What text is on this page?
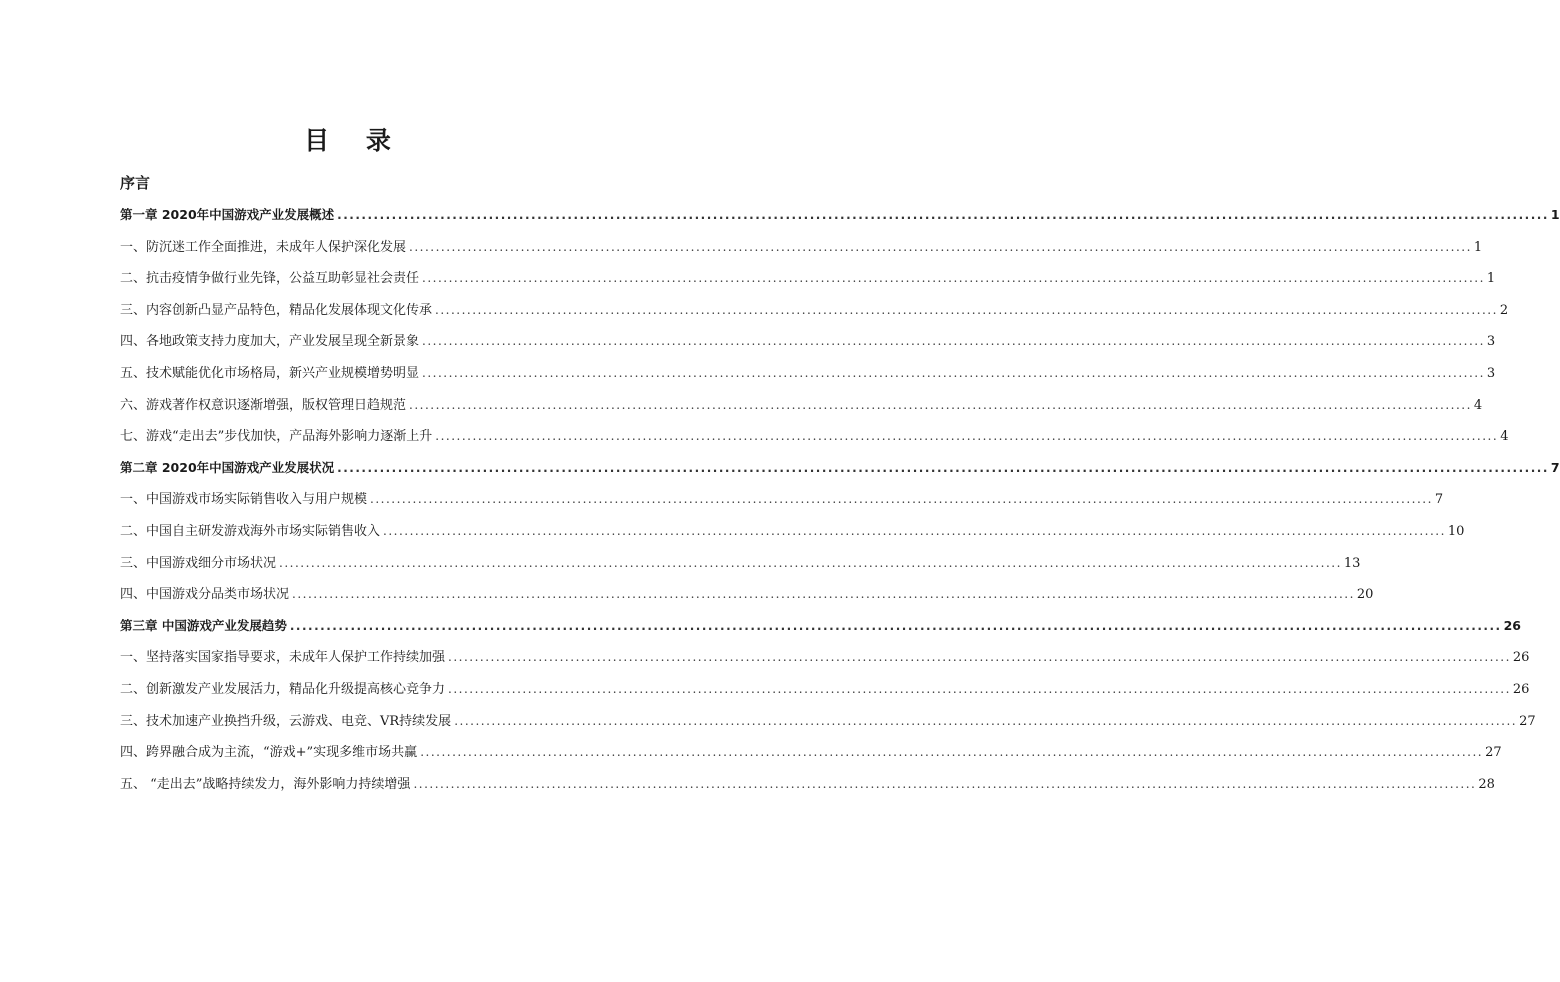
目 录
序言
第一章 2020年中国游戏产业发展概述 ........................................................................................................................................................................................................ 1
一、防沉迷工作全面推进，未成年人保护深化发展 ........................................................................................................................................................................................................ 1
二、抗击疫情争做行业先锋，公益互助彰显社会责任 ........................................................................................................................................................................................................ 1
三、内容创新凸显产品特色，精品化发展体现文化传承 ........................................................................................................................................................................................................ 2
四、各地政策支持力度加大，产业发展呈现全新景象 ........................................................................................................................................................................................................ 3
五、技术赋能优化市场格局，新兴产业规模增势明显 ........................................................................................................................................................................................................ 3
六、游戏著作权意识逐渐增强，版权管理日趋规范 ........................................................................................................................................................................................................ 4
七、游戏“走出去”步伐加快，产品海外影响力逐渐上升 ........................................................................................................................................................................................................ 4
第二章 2020年中国游戏产业发展状况 ........................................................................................................................................................................................................ 7
一、中国游戏市场实际销售收入与用户规模 ........................................................................................................................................................................................................ 7
二、中国自主研发游戏海外市场实际销售收入 ........................................................................................................................................................................................................ 10
三、中国游戏细分市场状况 ........................................................................................................................................................................................................ 13
四、中国游戏分品类市场状况 ........................................................................................................................................................................................................ 20
第三章 中国游戏产业发展趋势 ........................................................................................................................................................................................................ 26
一、坚持落实国家指导要求，未成年人保护工作持续加强 ........................................................................................................................................................................................................ 26
二、创新激发产业发展活力，精品化升级提高核心竞争力 ........................................................................................................................................................................................................ 26
三、技术加速产业换挡升级，云游戏、电竞、VR持续发展 ........................................................................................................................................................................................................ 27
四、跨界融合成为主流，“游戏+”实现多维市场共赢 ........................................................................................................................................................................................................ 27
五、 “走出去”战略持续发力，海外影响力持续增强 ........................................................................................................................................................................................................ 28
